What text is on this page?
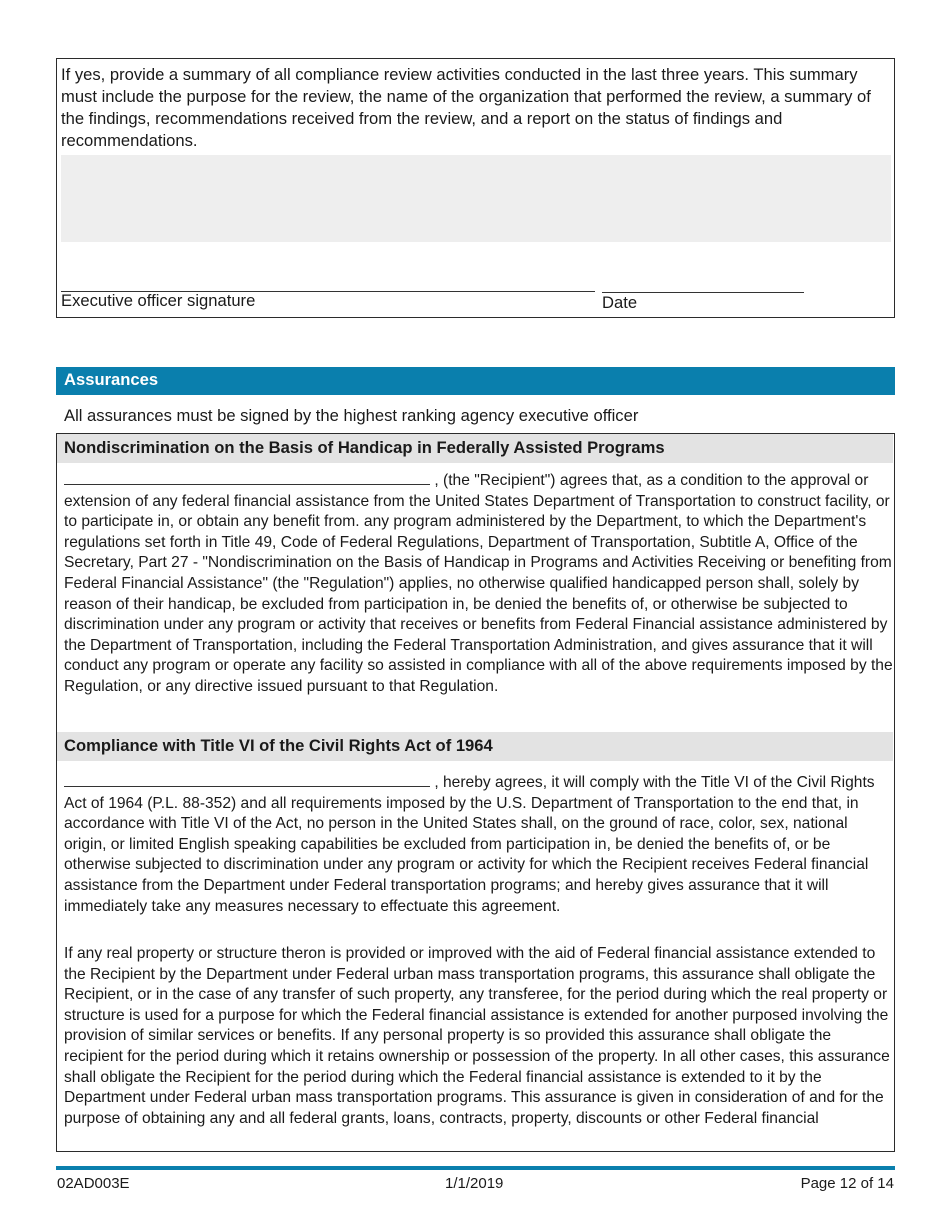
If yes, provide a summary of all compliance review activities conducted in the last three years. This summary must include the purpose for the review, the name of the organization that performed the review, a summary of the findings, recommendations received from the review, and a report on the status of findings and recommendations.

Executive officer signature	Date
Assurances
All assurances must be signed by the highest ranking agency executive officer
Nondiscrimination on the Basis of Handicap in Federally Assisted Programs

, (the "Recipient") agrees that, as a condition to the approval or extension of any federal financial assistance from the United States Department of Transportation to construct facility, or to participate in, or obtain any benefit from. any program administered by the Department, to which the Department's regulations set forth in Title 49, Code of Federal Regulations, Department of Transportation, Subtitle A, Office of the Secretary, Part 27 - "Nondiscrimination on the Basis of Handicap in Programs and Activities Receiving or benefiting from Federal Financial Assistance" (the "Regulation") applies, no otherwise qualified handicapped person shall, solely by reason of their handicap, be excluded from participation in, be denied the benefits of, or otherwise be subjected to discrimination under any program or activity that receives or benefits from Federal Financial assistance administered by the Department of Transportation, including the Federal Transportation Administration, and gives assurance that it will conduct any program or operate any facility so assisted in compliance with all of the above requirements imposed by the Regulation, or any directive issued pursuant to that Regulation.

Compliance with Title VI of the Civil Rights Act of 1964

, hereby agrees, it will comply with the Title VI of the Civil Rights Act of 1964 (P.L. 88-352) and all requirements imposed by the U.S. Department of Transportation to the end that, in accordance with Title VI of the Act, no person in the United States shall, on the ground of race, color, sex, national origin, or limited English speaking capabilities be excluded from participation in, be denied the benefits of, or be otherwise subjected to discrimination under any program or activity for which the Recipient receives Federal financial assistance from the Department under Federal transportation programs; and hereby gives assurance that it will immediately take any measures necessary to effectuate this agreement.

If any real property or structure theron is provided or improved with the aid of Federal financial assistance extended to the Recipient by the Department under Federal urban mass transportation programs, this assurance shall obligate the Recipient, or in the case of any transfer of such property, any transferee, for the period during which the real property or structure is used for a purpose for which the Federal financial assistance is extended for another purposed involving the provision of similar services or benefits. If any personal property is so provided this assurance shall obligate the recipient for the period during which it retains ownership or possession of the property. In all other cases, this assurance shall obligate the Recipient for the period during which the Federal financial assistance is extended to it by the Department under Federal urban mass transportation programs. This assurance is given in consideration of and for the purpose of obtaining any and all federal grants, loans, contracts, property, discounts or other Federal financial

02AD003E	1/1/2019	Page 12 of 14
